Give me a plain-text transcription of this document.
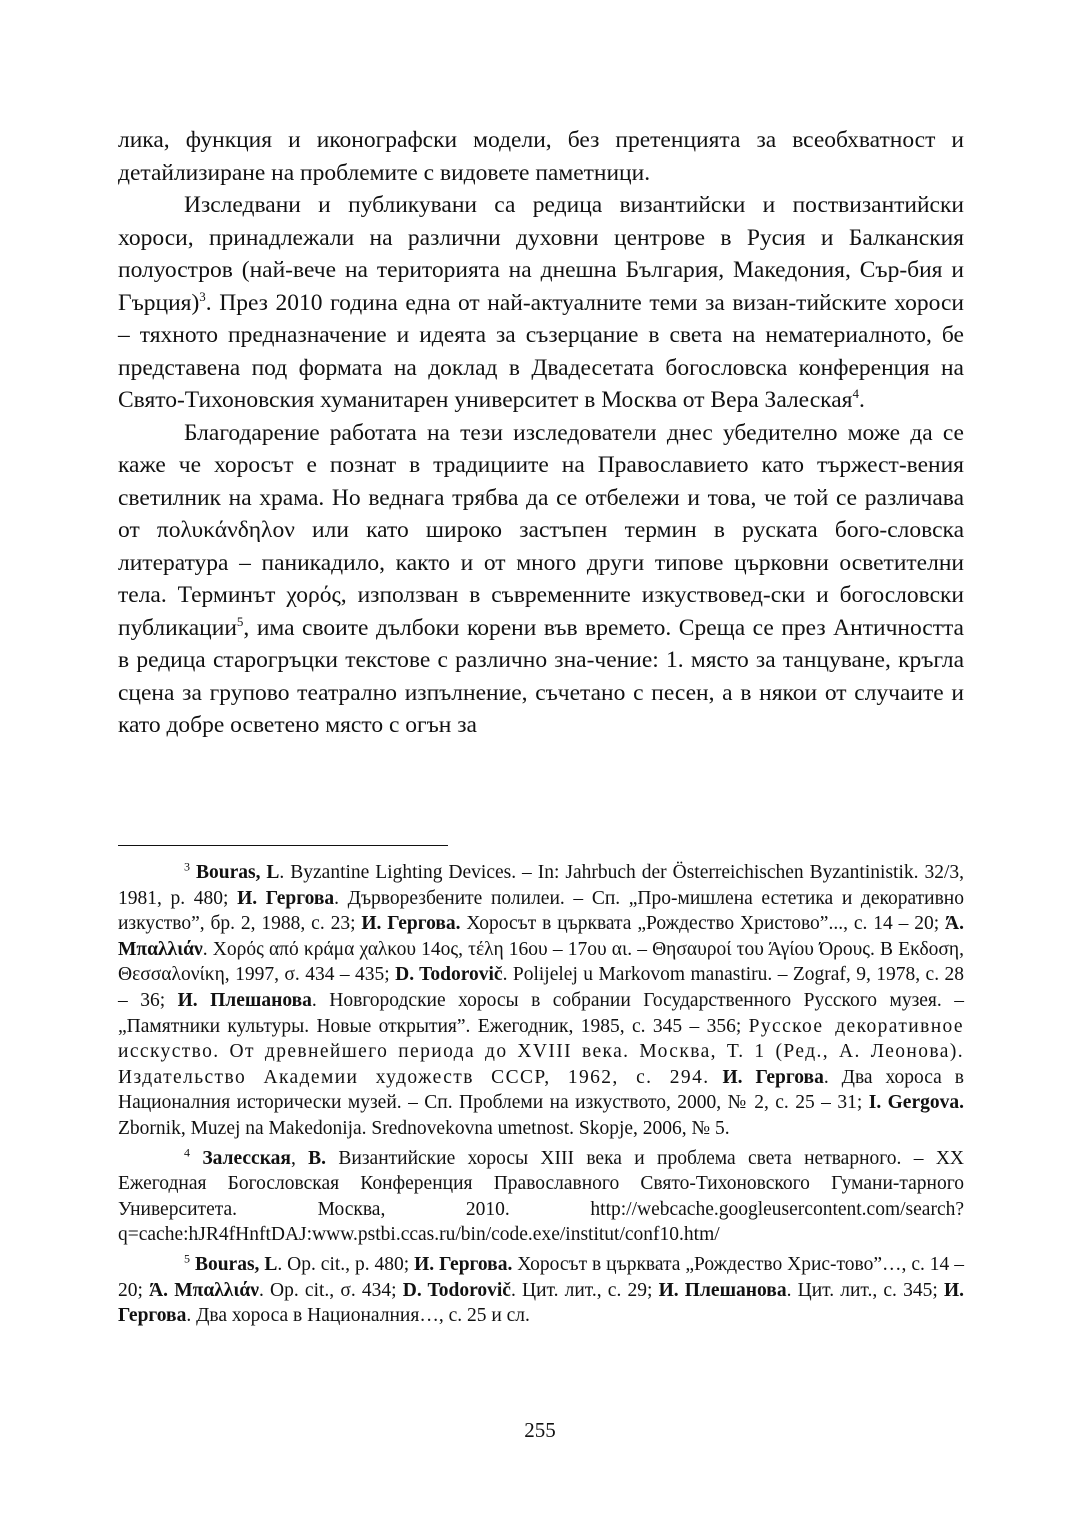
лика, функция и иконографски модели, без претенцията за всеобхватност и детайлизиране на проблемите с видовете паметници.

Изследвани и публикувани са редица византийски и поствизантийски хороси, принадлежали на различни духовни центрове в Русия и Балканския полуостров (най-вече на територията на днешна България, Македония, Сър-бия и Гърция)$^3$. През 2010 година една от най-актуалните теми за визан-тийските хороси – тяхното предназначение и идеята за съзерцание в света на нематериалното, бе представена под формата на доклад в Двадесетата богословска конференция на Свято-Тихоновския хуманитарен университет в Москва от Вера Залеская$^4$.

Благодарение работата на тези изследователи днес убедително може да се каже че хоросът е познат в традициите на Православието като тържест-вения светилник на храма. Но веднага трябва да се отбележи и това, че той се различава от πολυκάνδηλον или като широко застъпен термин в руската бого-словска литература – паникадило, както и от много други типове църковни осветителни тела. Терминът χορός, използван в съвременните изкуствовед-ски и богословски публикации$^5$, има своите дълбоки корени във времето. Среща се през Античността в редица старогръцки текстове с различно зна-чение: 1. място за танцуване, кръгла сцена за групово театрално изпълнение, съчетано с песен, а в някои от случаите и като добре осветено място с огън за

$^3$ Bouras, L. Byzantine Lighting Devices. – In: Jahrbuch der Österreichischen Byzantinistik. 32/3, 1981, p. 480; И. Гергова. Дърворезбените полилеи. – Сп. „Про-мишлена естетика и декоративно изкуство”, бр. 2, 1988, с. 23; И. Гергова. Хоросът в църквата „Рождество Христово”..., с. 14 – 20; Ά. Μπαλλιάν. Χορός από κράμα χαλκου 14ος, τέλη 16ου – 17ου αι. – Θησαυροί του Άγίου Όρους. B Eκδοση, Θεσσαλονίκη, 1997, σ. 434 – 435; D. Todorovič. Polijelej u Markovom manastiru. – Zograf, 9, 1978, c. 28 – 36; И. Плешанова. Новгородские хоросы в собрании Государственного Русского музея. – „Памятники культуры. Новые открытия”. Ежегодник, 1985, с. 345 – 356; Русское декоративное исскуство. От древнейшего периода до XVIII века. Москва, Т. 1 (Ред., А. Леонова). Издательство Академии художеств СССР, 1962, с. 294. И. Гергова. Два хороса в Националния исторически музей. – Сп. Проблеми на изкуството, 2000, № 2, с. 25 – 31; I. Gergova. Zbornik, Muzej na Makedonija. Srednovekovna umetnost. Skopje, 2006, № 5.

$^4$ Залесская, В. Византийские хоросы XIII века и проблема света нетварного. – XX Ежегодная Богословская Конференция Православного Свято-Тихоновского Гумани-тарного Университета. Москва, 2010. http://webcache.googleusercontent.com/search?q=cache:hJR4fHnftDAJ:www.pstbi.ccas.ru/bin/code.exe/institut/conf10.htm/

$^5$ Bouras, L. Op. cit., p. 480; И. Гергова. Хоросът в църквата „Рождество Хрис-тово”…, с. 14 – 20; Ά. Μπαλλιάν. Op. cit., σ. 434; D. Todorovič. Цит. лит., с. 29; И. Плешанова. Цит. лит., с. 345; И. Гергова. Два хороса в Националния…, с. 25 и сл.

255
